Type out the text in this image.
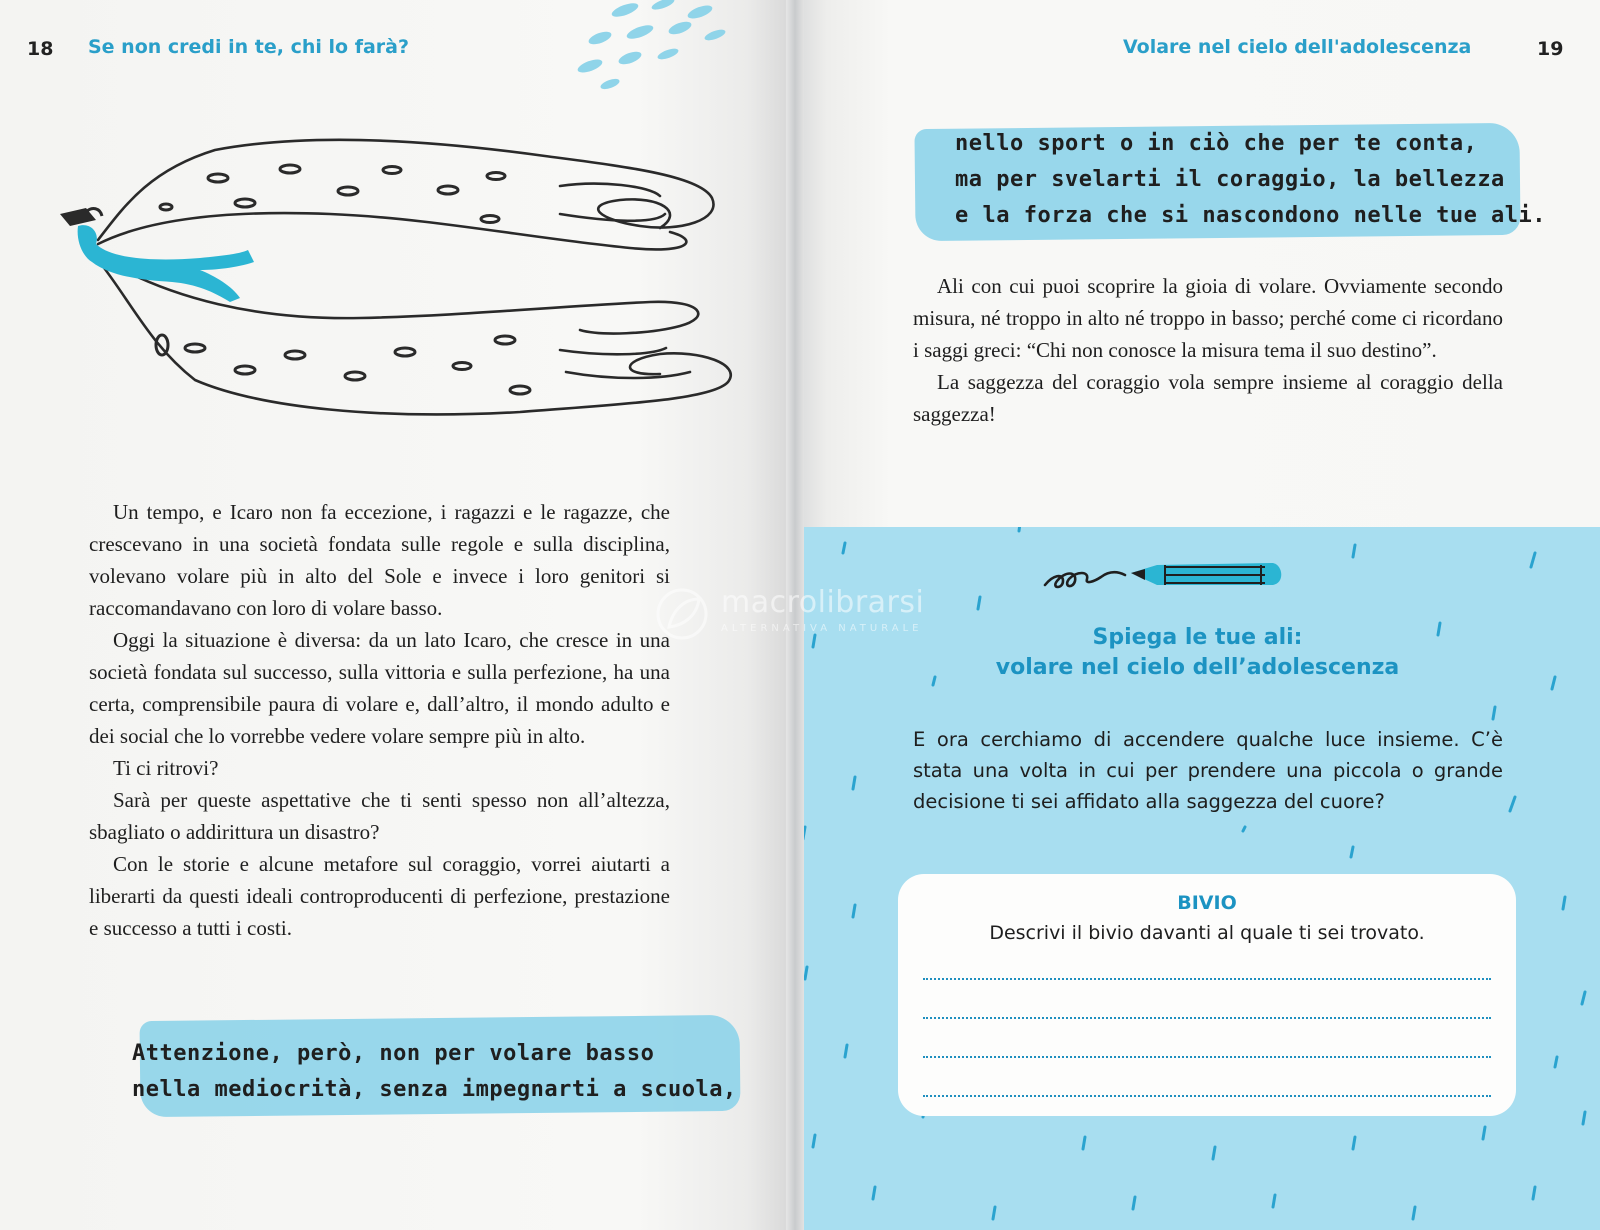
18 Se non credi in te, chi lo farà?

Un tempo, e Icaro non fa eccezione, i ragazzi e le ragazze, che crescevano in una società fondata sulle regole e sulla disciplina, volevano volare più in alto del Sole e invece i loro genitori si raccomandavano con loro di volare basso.

Oggi la situazione è diversa: da un lato Icaro, che cresce in una società fondata sul successo, sulla vittoria e sulla perfezione, ha una certa, comprensibile paura di volare e, dall’altro, il mondo adulto e dei social che lo vorrebbe vedere volare sempre più in alto.

Ti ci ritrovi?

Sarà per queste aspettative che ti senti spesso non all’altezza, sbagliato o addirittura un disastro?

Con le storie e alcune metafore sul coraggio, vorrei aiutarti a liberarti da questi ideali controproducenti di perfezione, prestazione e successo a tutti i costi.

Attenzione, però, non per volare basso
nella mediocrità, senza impegnarti a scuola,
Volare nel cielo dell'adolescenza	19
nello sport o in ciò che per te conta,
ma per svelarti il coraggio, la bellezza
e la forza che si nascondono nelle tue ali.

Ali con cui puoi scoprire la gioia di volare. Ovviamente secondo misura, né troppo in alto né troppo in basso; perché come ci ricordano i saggi greci: “Chi non conosce la misura tema il suo destino”.

La saggezza del coraggio vola sempre insieme al coraggio della saggezza!

Spiega le tue ali:
volare nel cielo dell’adolescenza

E ora cerchiamo di accendere qualche luce insieme. C’è stata una volta in cui per prendere una piccola o grande decisione ti sei affidato alla saggezza del cuore?

BIVIO
Descrivi il bivio davanti al quale ti sei trovato.
macrolibrarsi
ALTERNATIVA NATURALE
